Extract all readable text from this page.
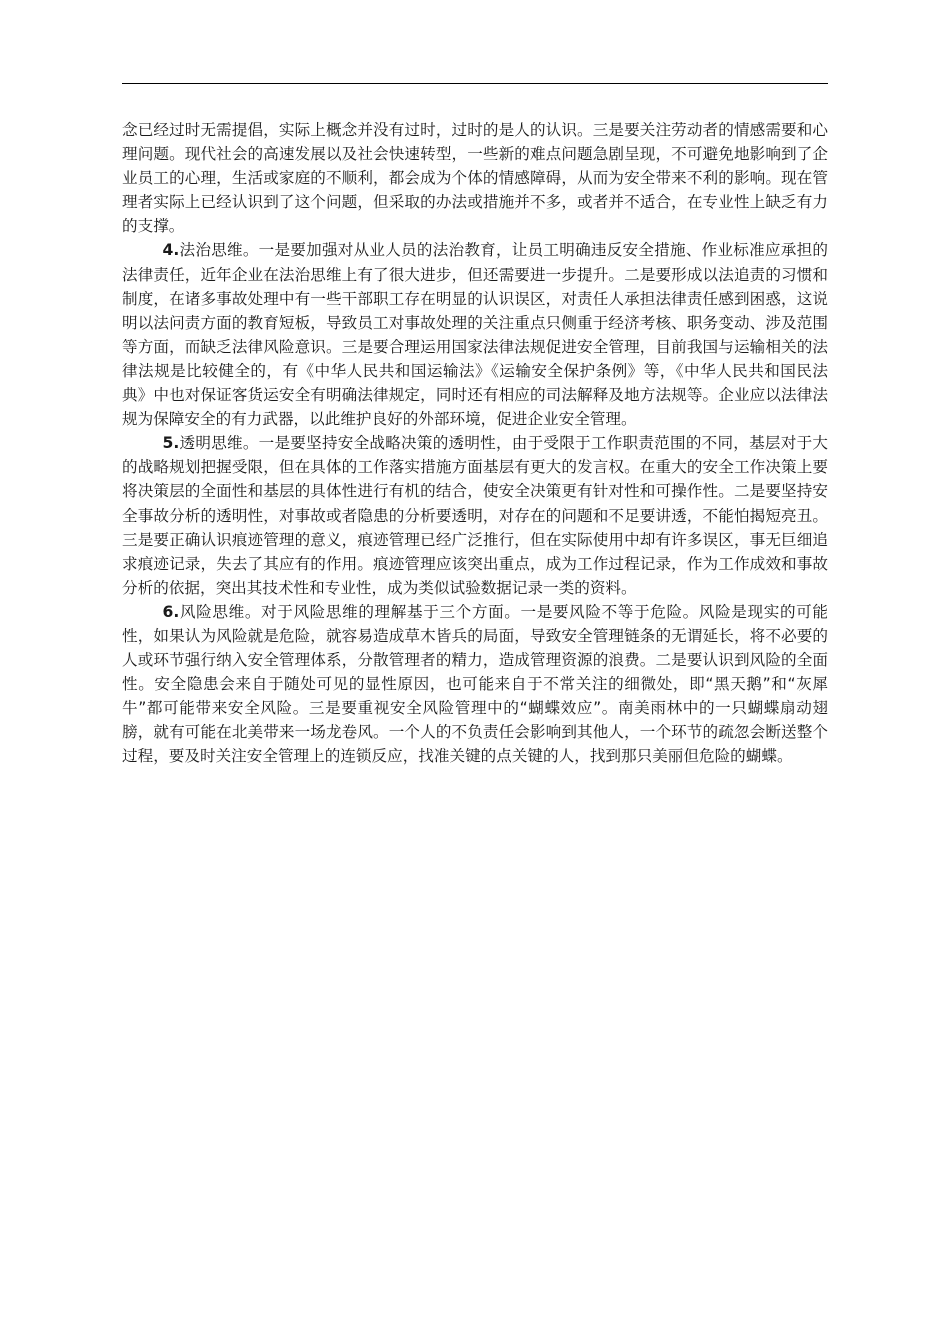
念已经过时无需提倡，实际上概念并没有过时，过时的是人的认识。三是要关注劳动者的情感需要和心理问题。现代社会的高速发展以及社会快速转型，一些新的难点问题急剧呈现，不可避免地影响到了企业员工的心理，生活或家庭的不顺利，都会成为个体的情感障碍，从而为安全带来不利的影响。现在管理者实际上已经认识到了这个问题，但采取的办法或措施并不多，或者并不适合，在专业性上缺乏有力的支撑。

4.法治思维。一是要加强对从业人员的法治教育，让员工明确违反安全措施、作业标准应承担的法律责任，近年企业在法治思维上有了很大进步，但还需要进一步提升。二是要形成以法追责的习惯和制度，在诸多事故处理中有一些干部职工存在明显的认识误区，对责任人承担法律责任感到困惑，这说明以法问责方面的教育短板，导致员工对事故处理的关注重点只侧重于经济考核、职务变动、涉及范围等方面，而缺乏法律风险意识。三是要合理运用国家法律法规促进安全管理，目前我国与运输相关的法律法规是比较健全的，有《中华人民共和国运输法》《运输安全保护条例》等，《中华人民共和国民法典》中也对保证客货运安全有明确法律规定，同时还有相应的司法解释及地方法规等。企业应以法律法规为保障安全的有力武器，以此维护良好的外部环境，促进企业安全管理。

5.透明思维。一是要坚持安全战略决策的透明性，由于受限于工作职责范围的不同，基层对于大的战略规划把握受限，但在具体的工作落实措施方面基层有更大的发言权。在重大的安全工作决策上要将决策层的全面性和基层的具体性进行有机的结合，使安全决策更有针对性和可操作性。二是要坚持安全事故分析的透明性，对事故或者隐患的分析要透明，对存在的问题和不足要讲透，不能怕揭短亮丑。三是要正确认识痕迹管理的意义，痕迹管理已经广泛推行，但在实际使用中却有许多误区，事无巨细追求痕迹记录，失去了其应有的作用。痕迹管理应该突出重点，成为工作过程记录，作为工作成效和事故分析的依据，突出其技术性和专业性，成为类似试验数据记录一类的资料。

6.风险思维。对于风险思维的理解基于三个方面。一是要风险不等于危险。风险是现实的可能性，如果认为风险就是危险，就容易造成草木皆兵的局面，导致安全管理链条的无谓延长，将不必要的人或环节强行纳入安全管理体系，分散管理者的精力，造成管理资源的浪费。二是要认识到风险的全面性。安全隐患会来自于随处可见的显性原因，也可能来自于不常关注的细微处，即“黑天鹅”和“灰犀牛”都可能带来安全风险。三是要重视安全风险管理中的“蝴蝶效应”。南美雨林中的一只蝴蝶扇动翅膀，就有可能在北美带来一场龙卷风。一个人的不负责任会影响到其他人，一个环节的疏忽会断送整个过程，要及时关注安全管理上的连锁反应，找准关键的点关键的人，找到那只美丽但危险的蝴蝶。
